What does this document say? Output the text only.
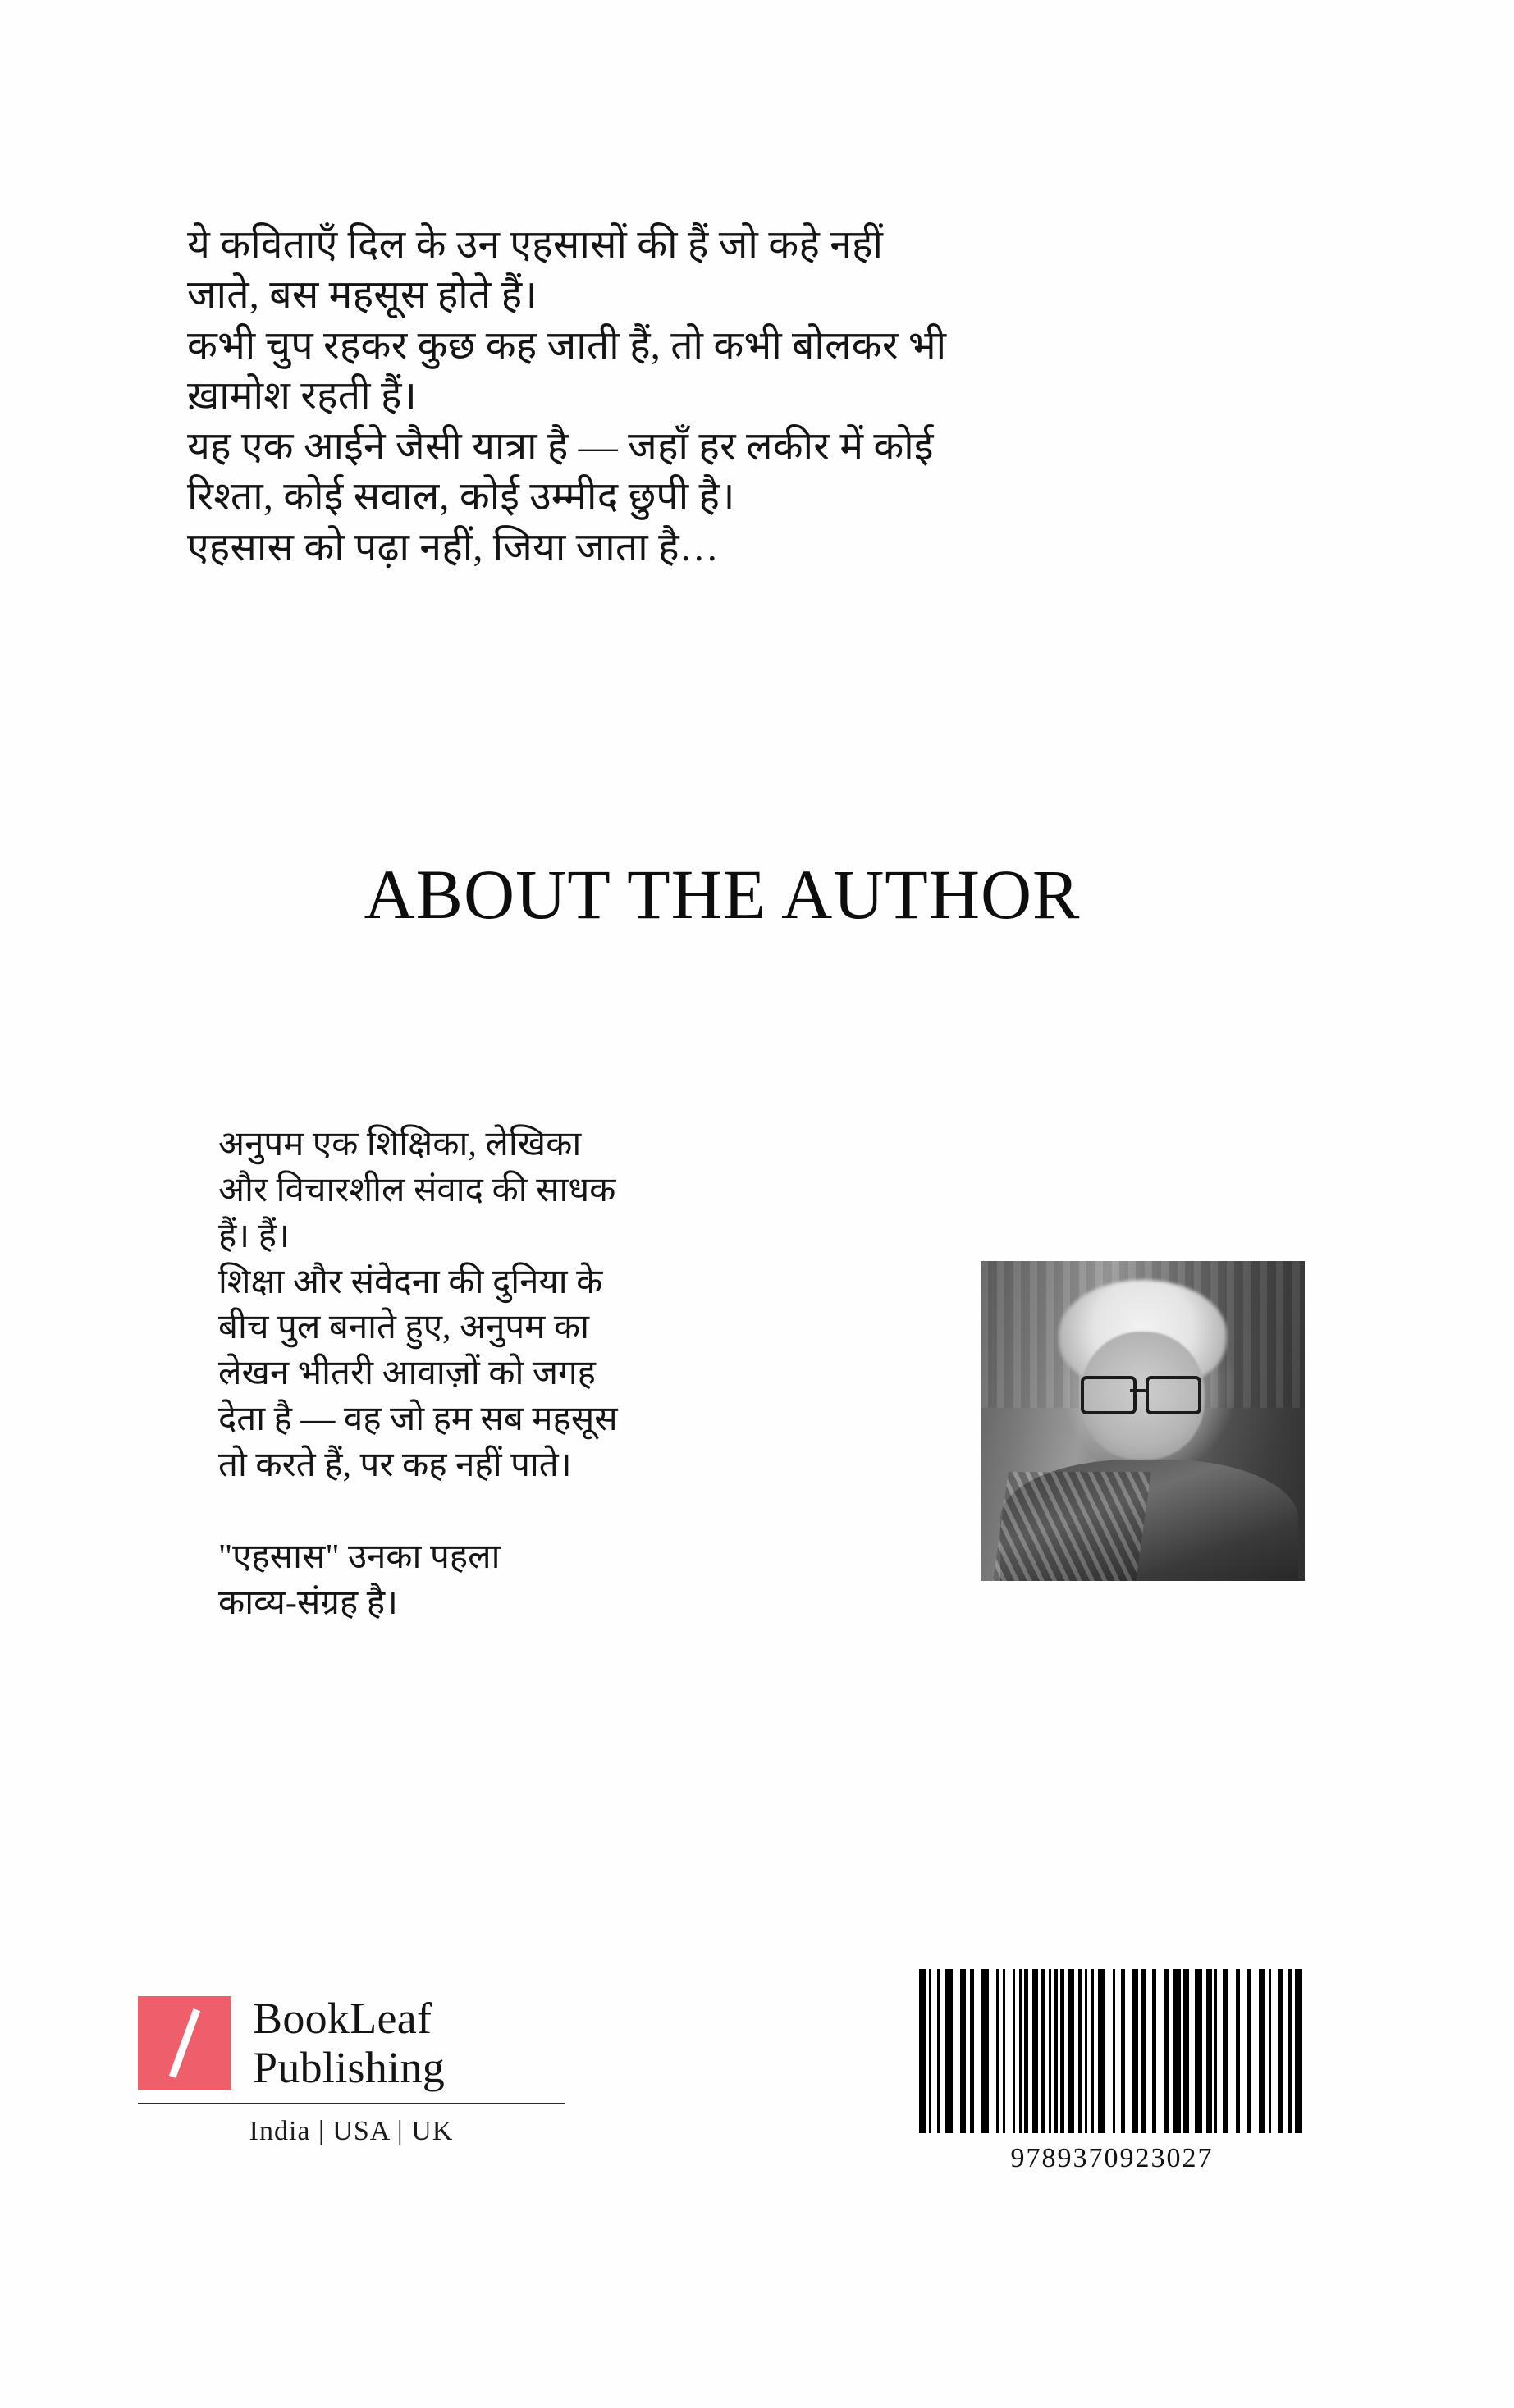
ये कविताएँ दिल के उन एहसासों की हैं जो कहे नहीं
जाते, बस महसूस होते हैं।
कभी चुप रहकर कुछ कह जाती हैं, तो कभी बोलकर भी
ख़ामोश रहती हैं।
यह एक आईने जैसी यात्रा है — जहाँ हर लकीर में कोई
रिश्ता, कोई सवाल, कोई उम्मीद छुपी है।
एहसास को पढ़ा नहीं, जिया जाता है…
ABOUT THE AUTHOR
अनुपम एक शिक्षिका, लेखिका
और विचारशील संवाद की साधक
हैं। हैं।
शिक्षा और संवेदना की दुनिया के
बीच पुल बनाते हुए, अनुपम का
लेखन भीतरी आवाज़ों को जगह
देता है — वह जो हम सब महसूस
तो करते हैं, पर कह नहीं पाते।
"एहसास" उनका पहला
काव्य-संग्रह है।
BookLeaf
Publishing
India | USA | UK
9789370923027
